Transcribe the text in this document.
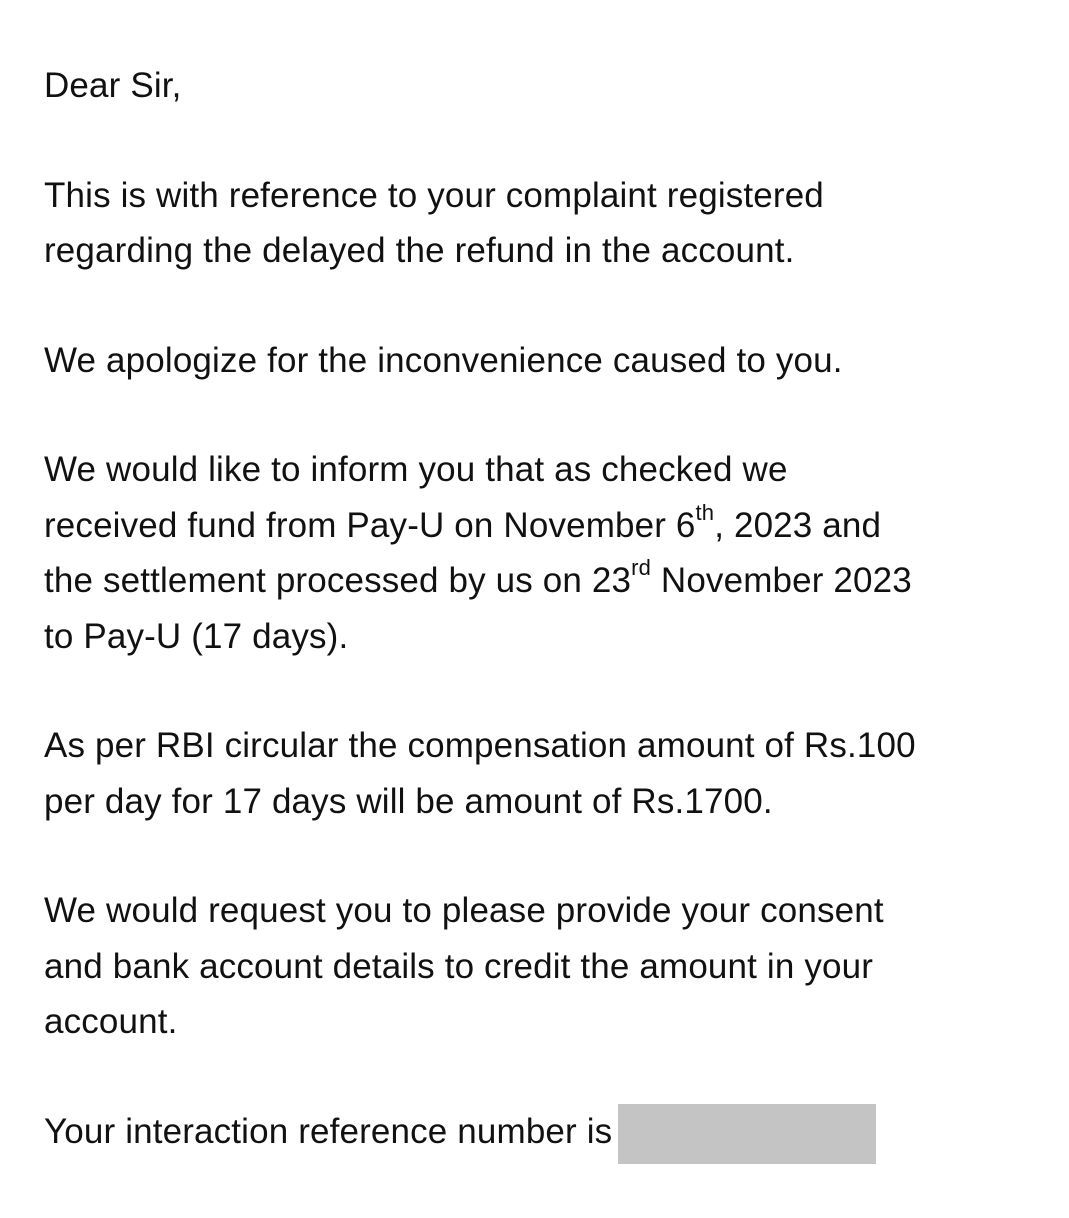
Dear Sir,
This is with reference to your complaint registered
regarding the delayed the refund in the account.
We apologize for the inconvenience caused to you.
We would like to inform you that as checked we
received fund from Pay-U on November 6th, 2023 and
the settlement processed by us on 23rd November 2023
to Pay-U (17 days).
As per RBI circular the compensation amount of Rs.100
per day for 17 days will be amount of Rs.1700.
We would request you to please provide your consent
and bank account details to credit the amount in your
account.
Your interaction reference number is
